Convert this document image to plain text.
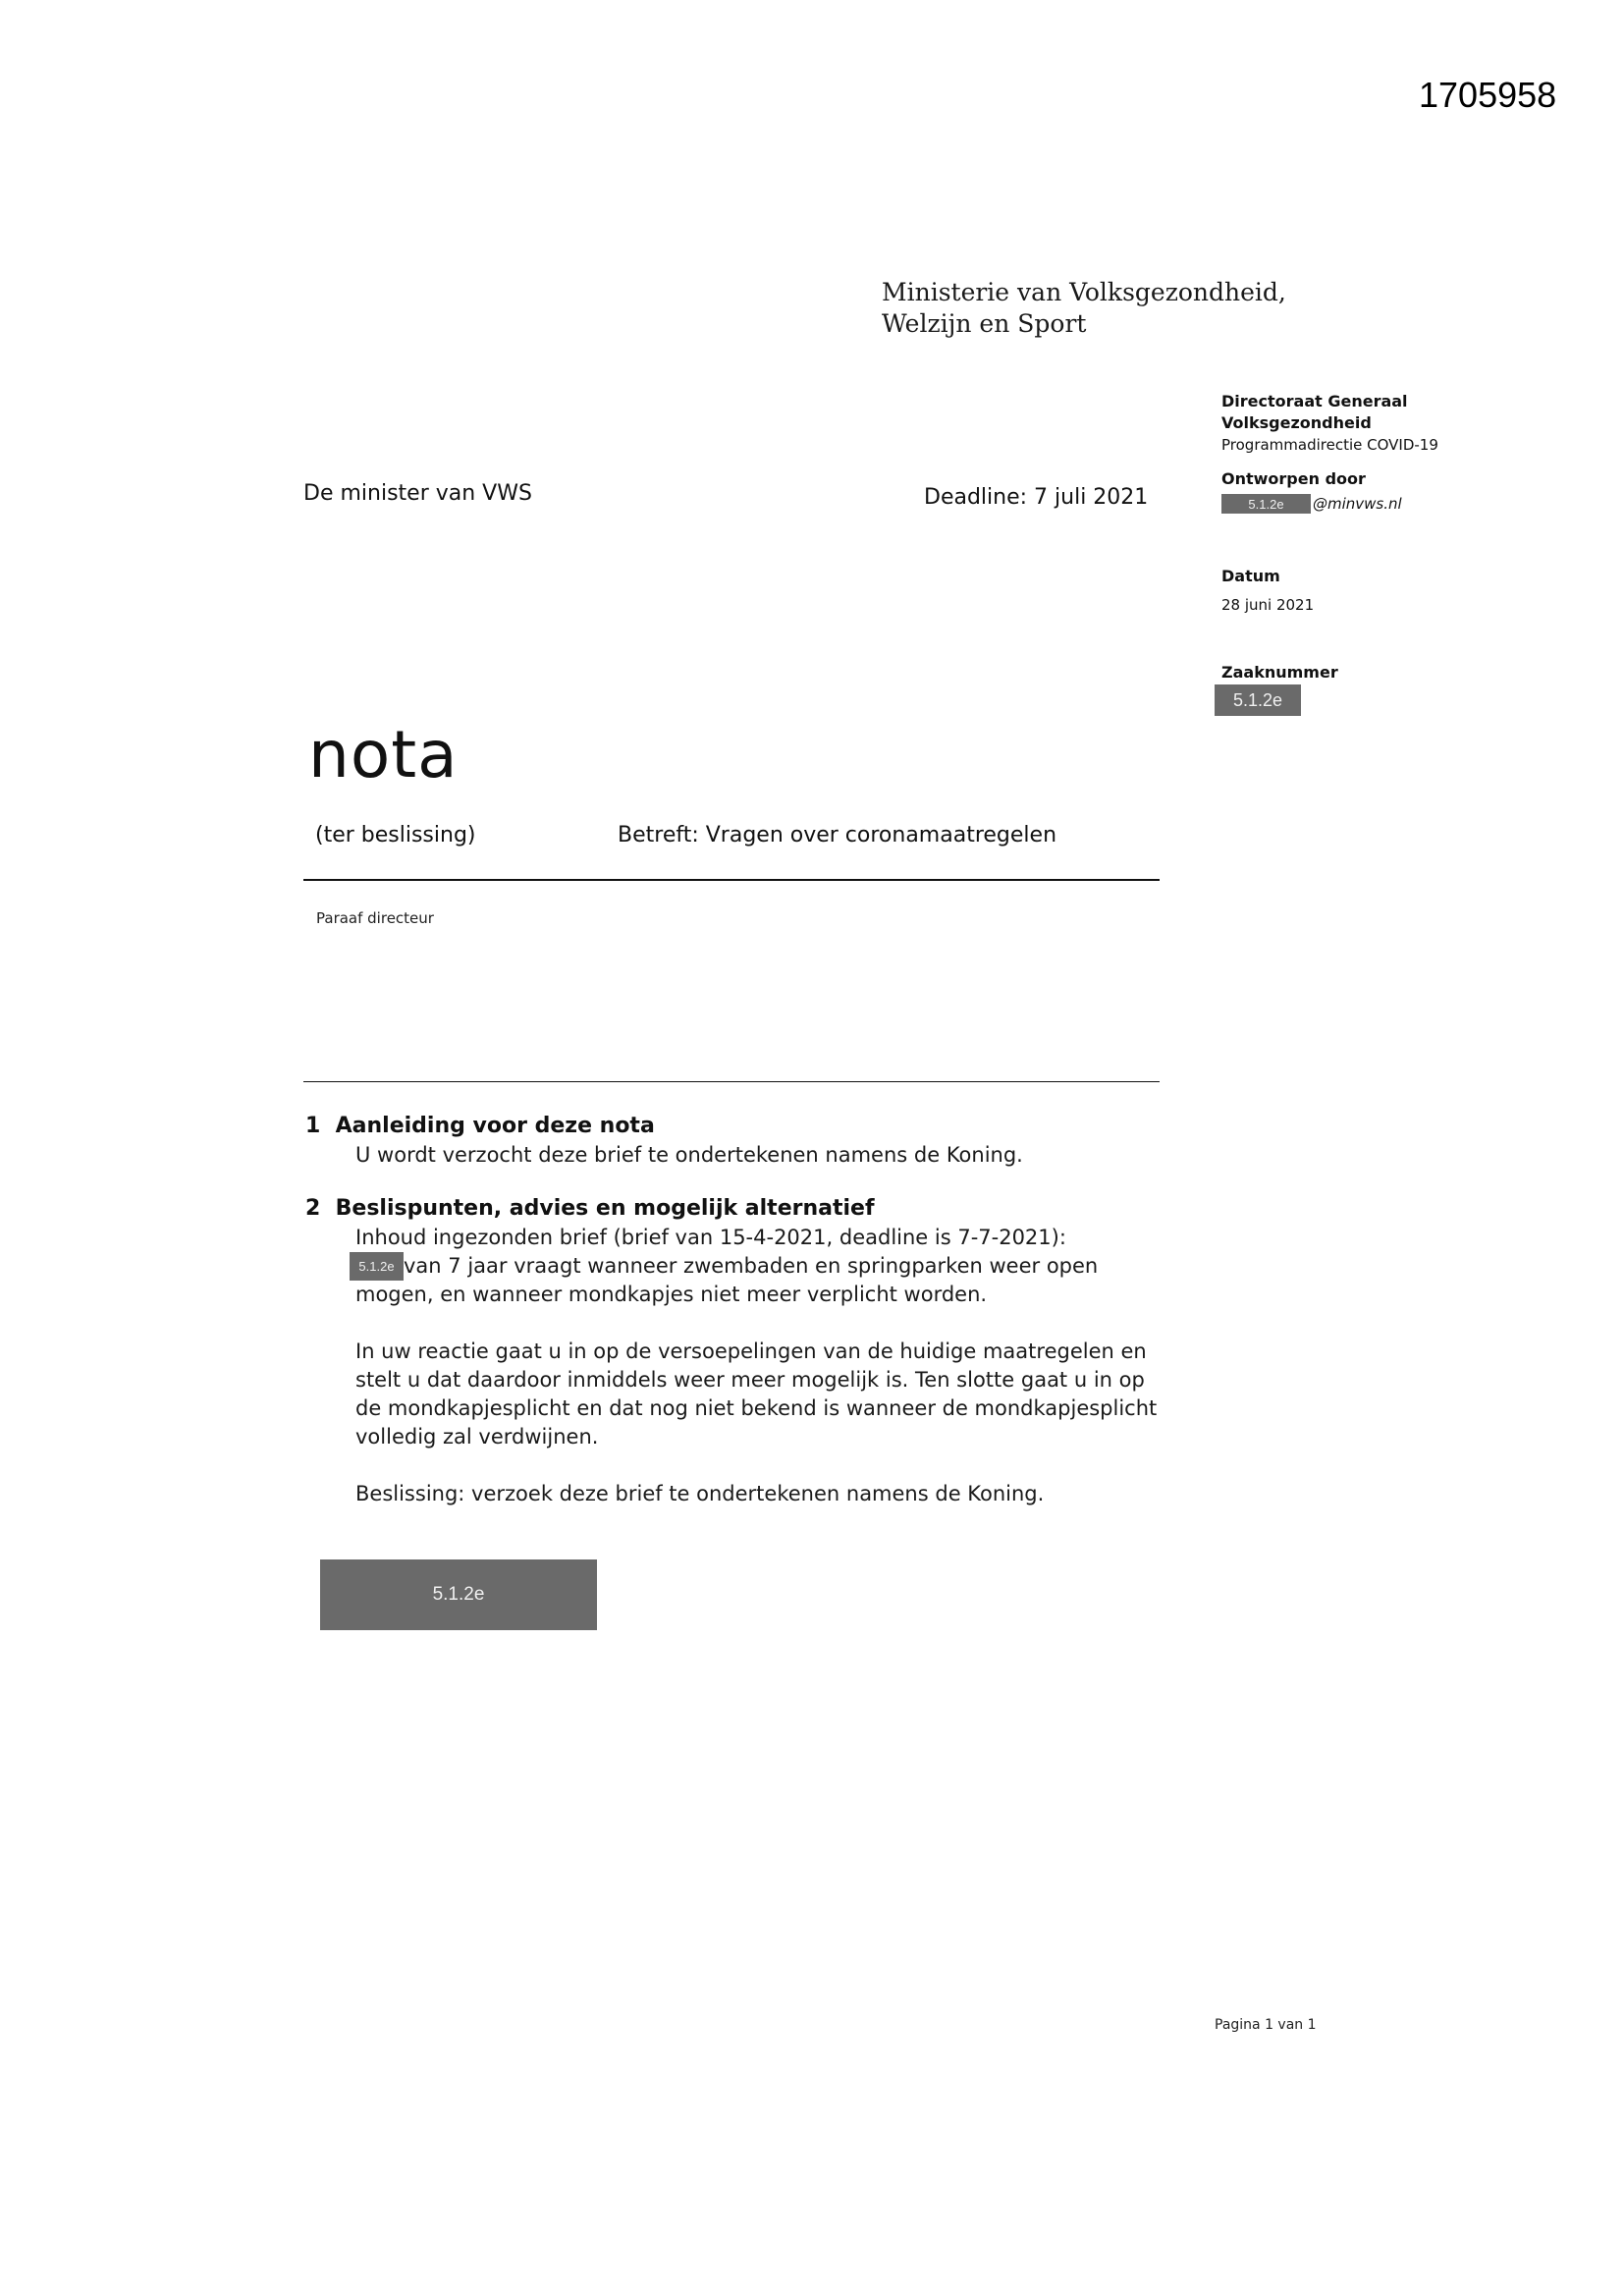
1705958
Ministerie van Volksgezondheid,
Welzijn en Sport
Directoraat Generaal
Volksgezondheid
Programmadirectie COVID-19
Ontworpen door
5.1.2e	@minvws.nl
Datum
28 juni 2021
Zaaknummer
5.1.2e
De minister van VWS	Deadline: 7 juli 2021
nota
(ter beslissing)	Betreft: Vragen over coronamaatregelen
Paraaf directeur
1  Aanleiding voor deze nota
U wordt verzocht deze brief te ondertekenen namens de Koning.
2  Beslispunten, advies en mogelijk alternatief
Inhoud ingezonden brief (brief van 15-4-2021, deadline is 7-7-2021):
5.1.2e van 7 jaar vraagt wanneer zwembaden en springparken weer open
mogen, en wanneer mondkapjes niet meer verplicht worden.
In uw reactie gaat u in op de versoepelingen van de huidige maatregelen en
stelt u dat daardoor inmiddels weer meer mogelijk is. Ten slotte gaat u in op
de mondkapjesplicht en dat nog niet bekend is wanneer de mondkapjesplicht
volledig zal verdwijnen.
Beslissing: verzoek deze brief te ondertekenen namens de Koning.
5.1.2e
Pagina 1 van 1
